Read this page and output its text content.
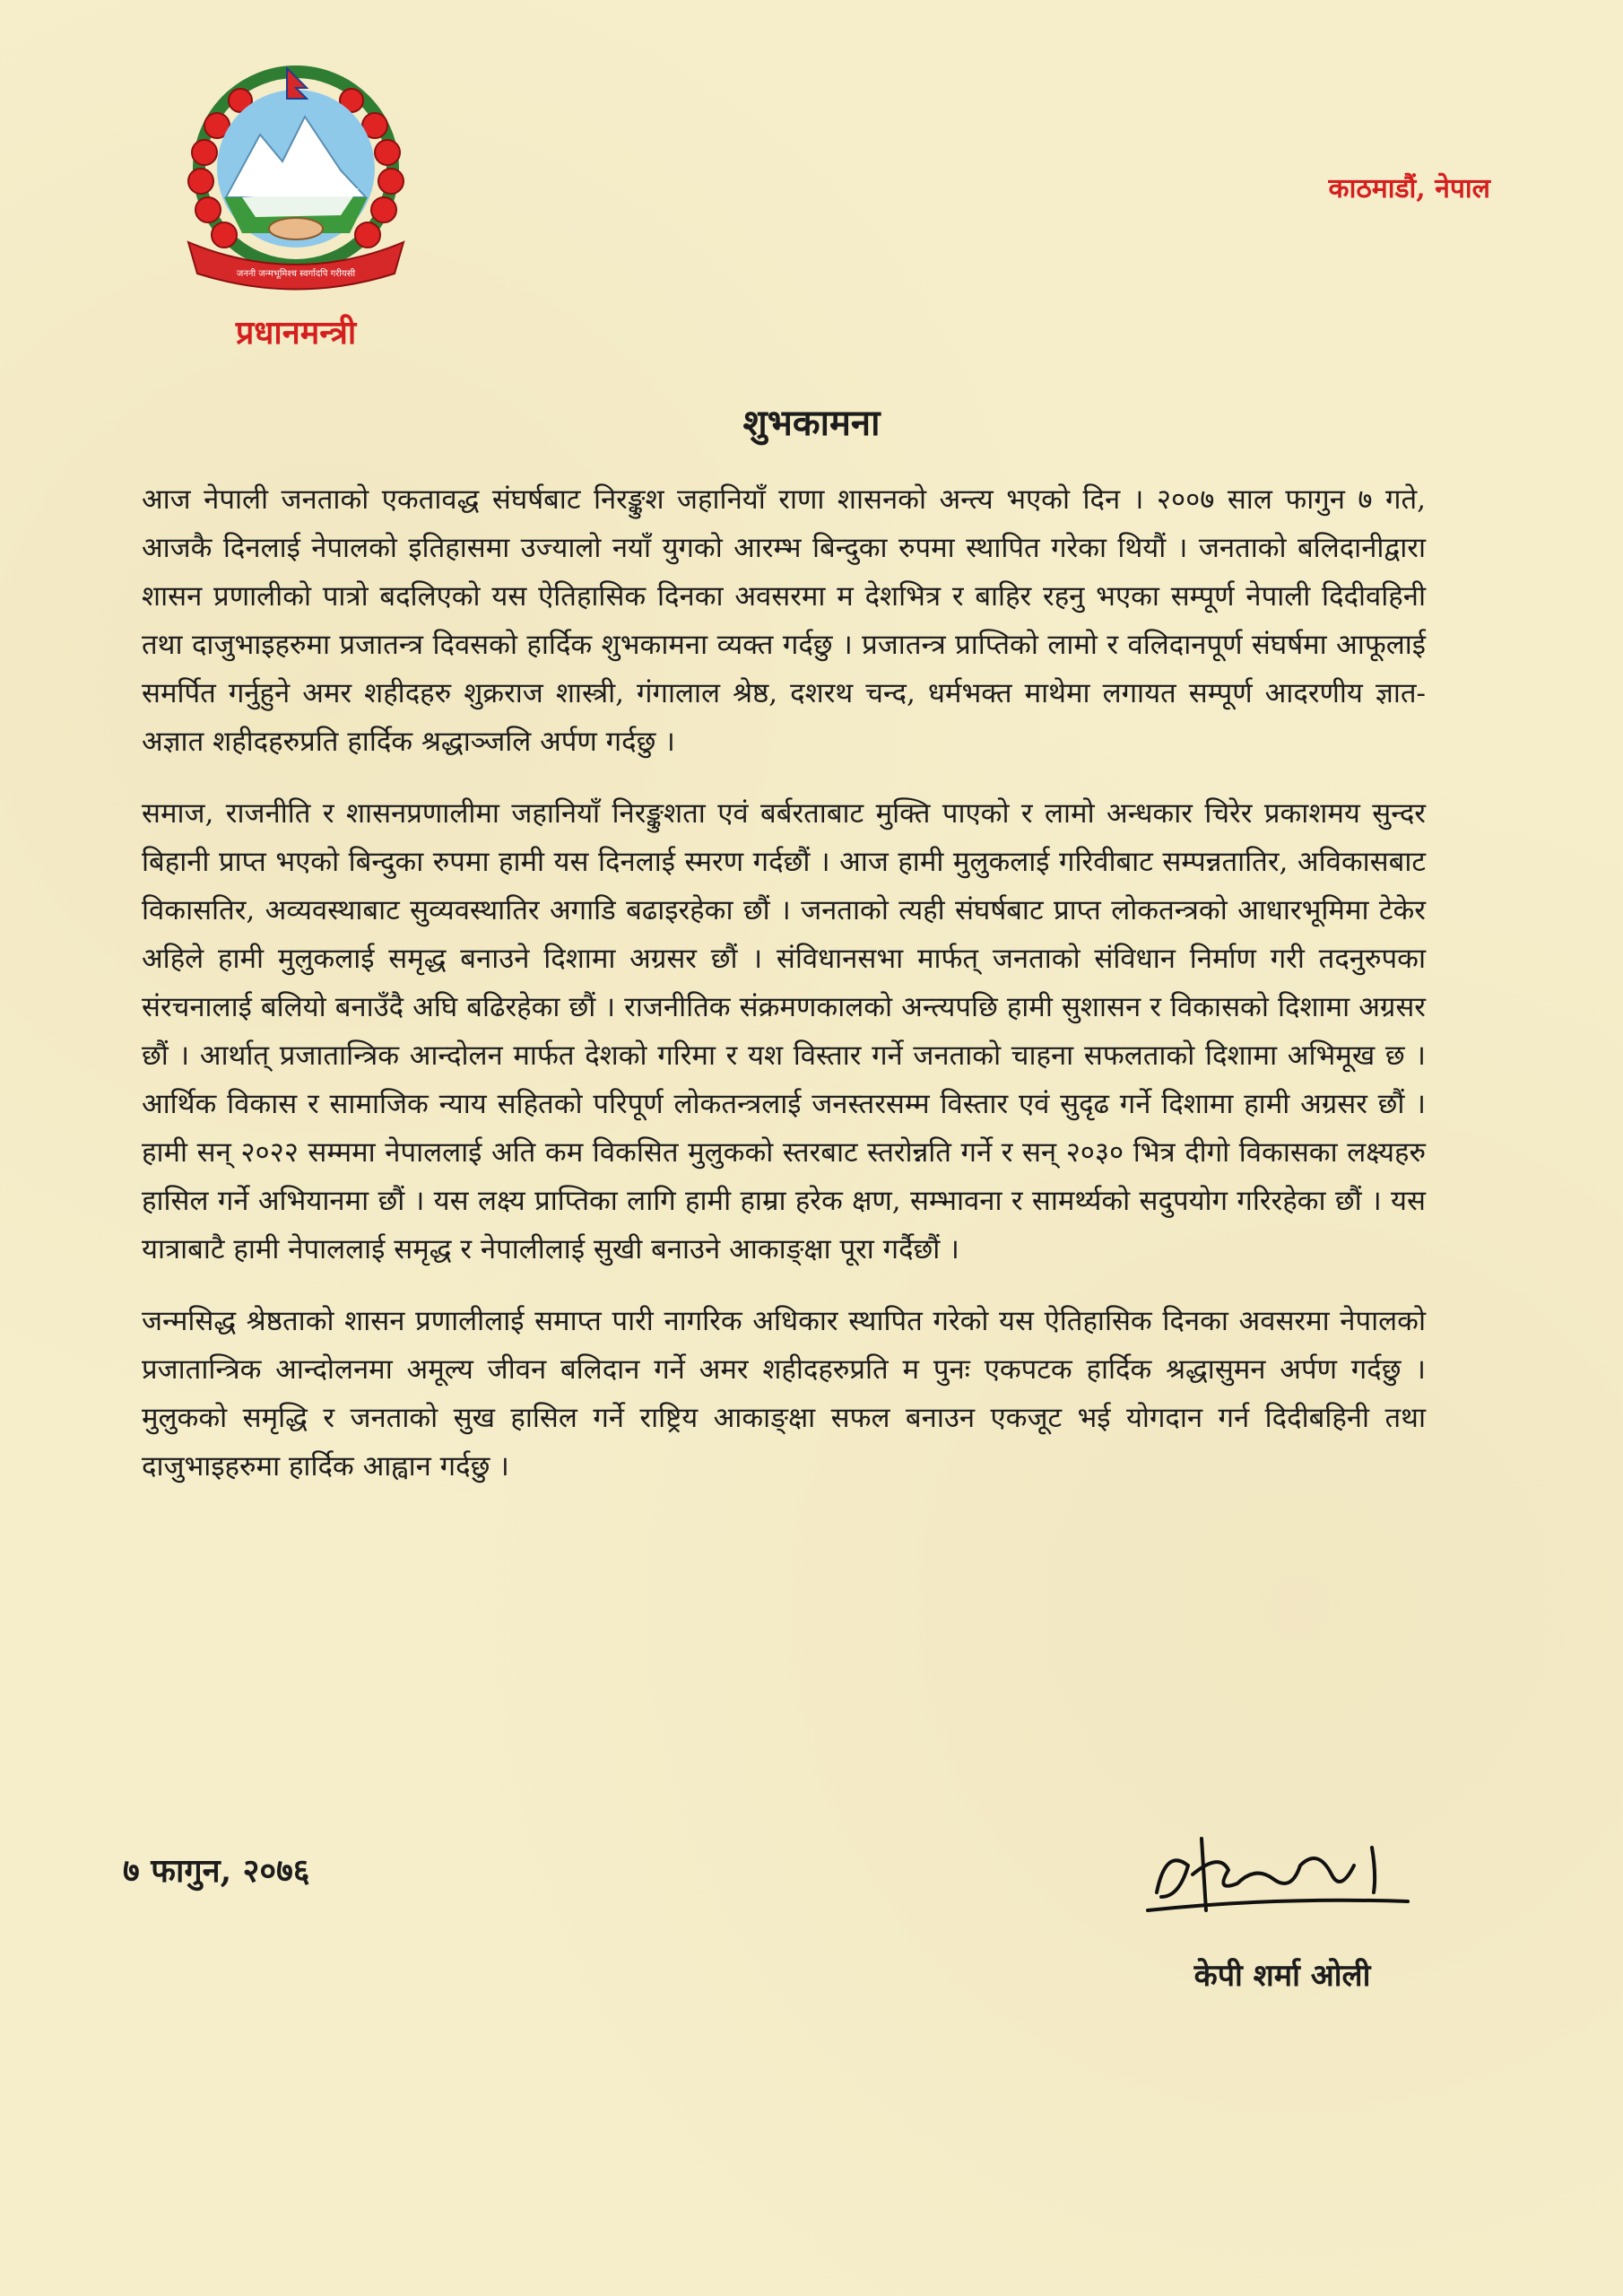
जननी जन्मभूमिश्च स्वर्गादपि गरीयसी
प्रधानमन्त्री
काठमाडौं, नेपाल
शुभकामना

आज नेपाली जनताको एकतावद्ध संघर्षबाट निरङ्कुश जहानियाँ राणा शासनको अन्त्य भएको दिन । २००७ साल फागुन ७ गते, आजकै दिनलाई नेपालको इतिहासमा उज्यालो नयाँ युगको आरम्भ बिन्दुका रुपमा स्थापित गरेका थियौं । जनताको बलिदानीद्वारा शासन प्रणालीको पात्रो बदलिएको यस ऐतिहासिक दिनका अवसरमा म देशभित्र र बाहिर रहनु भएका सम्पूर्ण नेपाली दिदीवहिनी तथा दाजुभाइहरुमा प्रजातन्त्र दिवसको हार्दिक शुभकामना व्यक्त गर्दछु । प्रजातन्त्र प्राप्तिको लामो र वलिदानपूर्ण संघर्षमा आफूलाई समर्पित गर्नुहुने अमर शहीदहरु शुक्रराज शास्त्री, गंगालाल श्रेष्ठ, दशरथ चन्द, धर्मभक्त माथेमा लगायत सम्पूर्ण आदरणीय ज्ञात-अज्ञात शहीदहरुप्रति हार्दिक श्रद्धाञ्जलि अर्पण गर्दछु ।

समाज, राजनीति र शासनप्रणालीमा जहानियाँ निरङ्कुशता एवं बर्बरताबाट मुक्ति पाएको र लामो अन्धकार चिरेर प्रकाशमय सुन्दर बिहानी प्राप्त भएको बिन्दुका रुपमा हामी यस दिनलाई स्मरण गर्दछौं । आज हामी मुलुकलाई गरिवीबाट सम्पन्नतातिर, अविकासबाट विकासतिर, अव्यवस्थाबाट सुव्यवस्थातिर अगाडि बढाइरहेका छौं । जनताको त्यही संघर्षबाट प्राप्त लोकतन्त्रको आधारभूमिमा टेकेर अहिले हामी मुलुकलाई समृद्ध बनाउने दिशामा अग्रसर छौं । संविधानसभा मार्फत् जनताको संविधान निर्माण गरी तदनुरुपका संरचनालाई बलियो बनाउँदै अघि बढिरहेका छौं । राजनीतिक संक्रमणकालको अन्त्यपछि हामी सुशासन र विकासको दिशामा अग्रसर छौं । आर्थात् प्रजातान्त्रिक आन्दोलन मार्फत देशको गरिमा र यश विस्तार गर्ने जनताको चाहना सफलताको दिशामा अभिमूख छ । आर्थिक विकास र सामाजिक न्याय सहितको परिपूर्ण लोकतन्त्रलाई जनस्तरसम्म विस्तार एवं सुदृढ गर्ने दिशामा हामी अग्रसर छौं । हामी सन् २०२२ सम्ममा नेपाललाई अति कम विकसित मुलुकको स्तरबाट स्तरोन्नति गर्ने र सन् २०३० भित्र दीगो विकासका लक्ष्यहरु हासिल गर्ने अभियानमा छौं । यस लक्ष्य प्राप्तिका लागि हामी हाम्रा हरेक क्षण, सम्भावना र सामर्थ्यको सदुपयोग गरिरहेका छौं । यस यात्राबाटै हामी नेपाललाई समृद्ध र नेपालीलाई सुखी बनाउने आकाङ्क्षा पूरा गर्दैछौं ।

जन्मसिद्ध श्रेष्ठताको शासन प्रणालीलाई समाप्त पारी नागरिक अधिकार स्थापित गरेको यस ऐतिहासिक दिनका अवसरमा नेपालको प्रजातान्त्रिक आन्दोलनमा अमूल्य जीवन बलिदान गर्ने अमर शहीदहरुप्रति म पुनः एकपटक हार्दिक श्रद्धासुमन अर्पण गर्दछु । मुलुकको समृद्धि र जनताको सुख हासिल गर्ने राष्ट्रिय आकाङ्क्षा सफल बनाउन एकजूट भई योगदान गर्न दिदीबहिनी तथा दाजुभाइहरुमा हार्दिक आह्वान गर्दछु ।

७ फागुन, २०७६
केपी शर्मा ओली
